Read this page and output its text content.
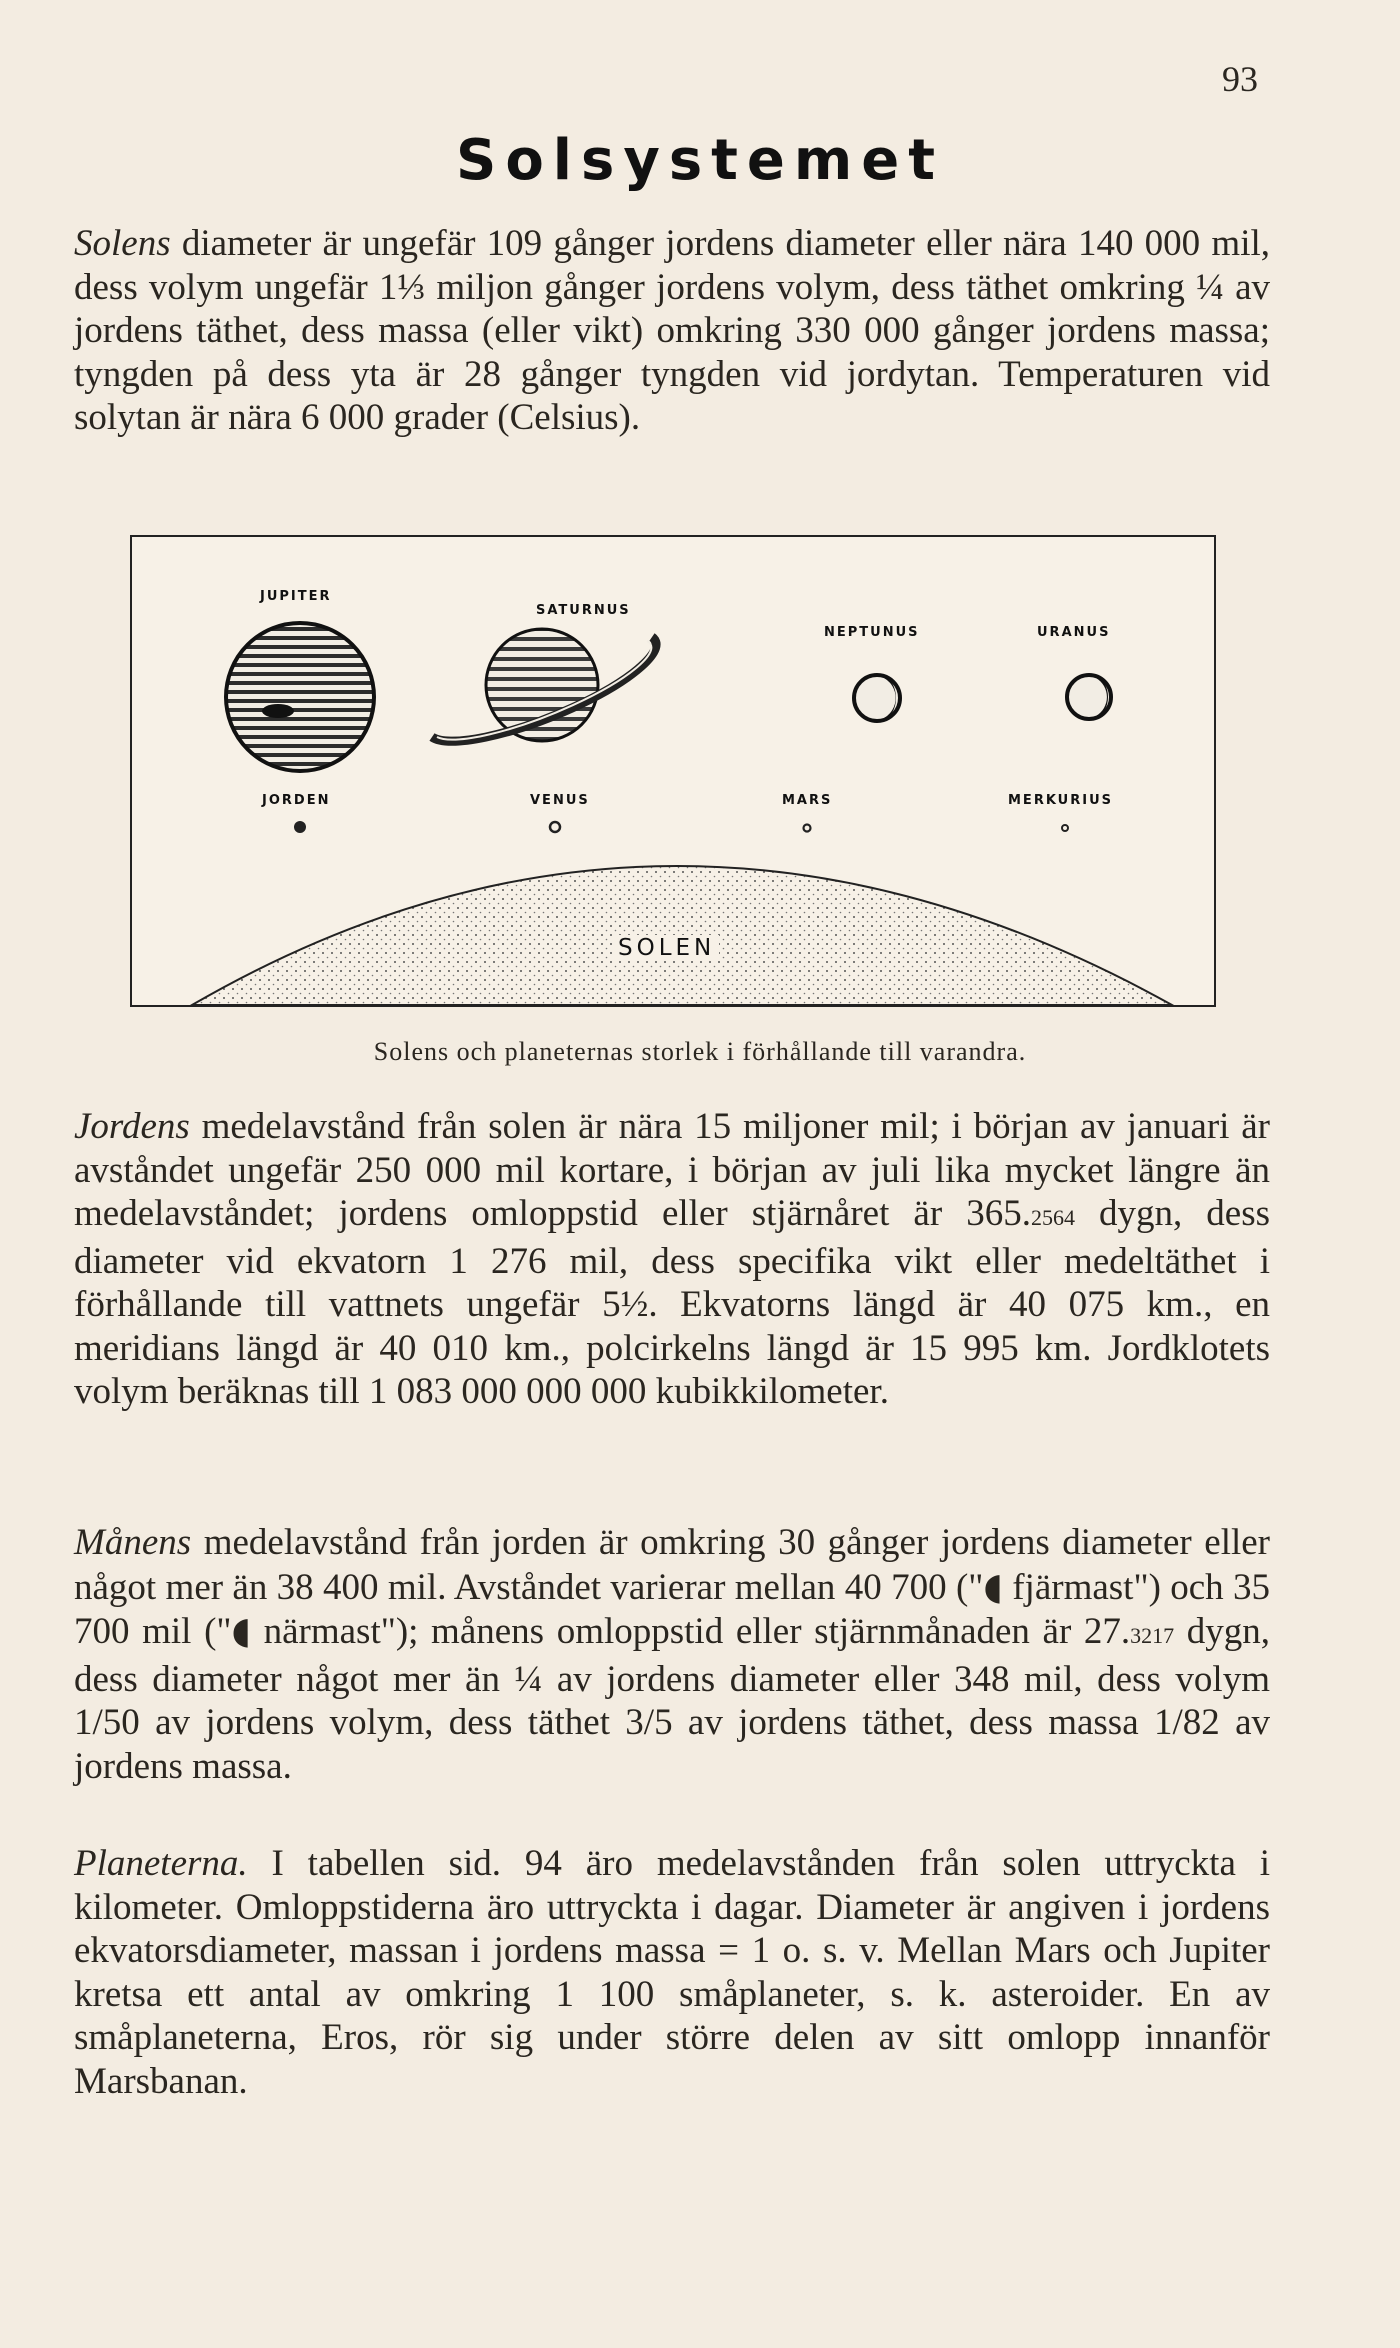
93
Solsystemet

Solens diameter är ungefär 109 gånger jordens diameter eller nära 140 000 mil, dess volym ungefär 1⅓ miljon gånger jordens volym, dess täthet omkring ¼ av jordens täthet, dess massa (eller vikt) omkring 330 000 gånger jordens massa; tyngden på dess yta är 28 gånger tyngden vid jordytan. Temperaturen vid solytan är nära 6 000 grader (Celsius).

JUPITER
SATURNUS
NEPTUNUS	URANUS
JORDEN	VENUS	MARS	MERKURIUS
SOLEN
Solens och planeternas storlek i förhållande till varandra.

Jordens medelavstånd från solen är nära 15 miljoner mil; i början av januari är avståndet ungefär 250 000 mil kortare, i början av juli lika mycket längre än medelavståndet; jordens omloppstid eller stjärnåret är 365.2564 dygn, dess diameter vid ekvatorn 1 276 mil, dess specifika vikt eller medeltäthet i förhållande till vattnets ungefär 5½. Ekvatorns längd är 40 075 km., en meridians längd är 40 010 km., polcirkelns längd är 15 995 km. Jordklotets volym beräknas till 1 083 000 000 000 kubikkilometer.

Månens medelavstånd från jorden är omkring 30 gånger jordens diameter eller något mer än 38 400 mil. Avståndet varierar mellan 40 700 ("◖ fjärmast") och 35 700 mil ("◖ närmast"); månens omloppstid eller stjärnmånaden är 27.3217 dygn, dess diameter något mer än ¼ av jordens diameter eller 348 mil, dess volym 1/50 av jordens volym, dess täthet 3/5 av jordens täthet, dess massa 1/82 av jordens massa.

Planeterna. I tabellen sid. 94 äro medelavstånden från solen uttryckta i kilometer. Omloppstiderna äro uttryckta i dagar. Diameter är angiven i jordens ekvatorsdiameter, massan i jordens massa = 1 o. s. v. Mellan Mars och Jupiter kretsa ett antal av omkring 1 100 småplaneter, s. k. asteroider. En av småplaneterna, Eros, rör sig under större delen av sitt omlopp innanför Marsbanan.
